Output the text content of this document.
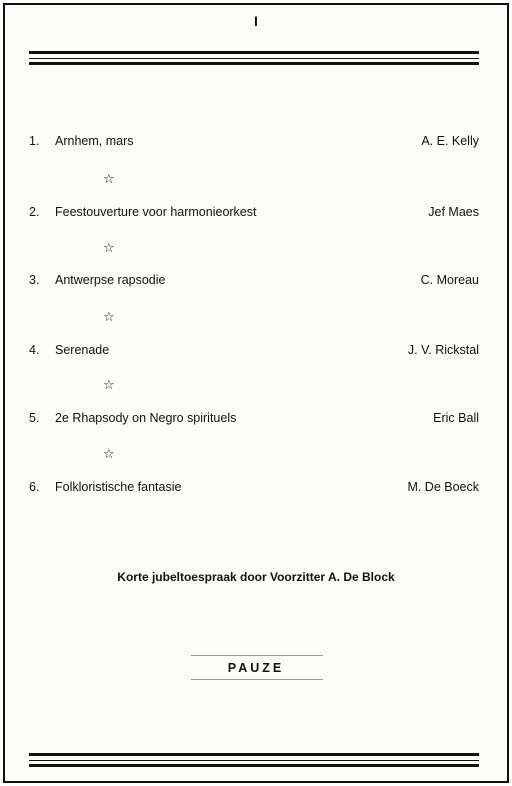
I
1.	Arnhem, mars	A. E. Kelly
☆
2.	Feestouverture voor harmonieorkest	Jef Maes
☆
3.	Antwerpse rapsodie	C. Moreau
☆
4.	Serenade	J. V. Rickstal
☆
5.	2e Rhapsody on Negro spirituels	Eric Ball
☆
6.	Folkloristische fantasie	M. De Boeck
Korte jubeltoespraak door Voorzitter A. De Block
PAUZE
